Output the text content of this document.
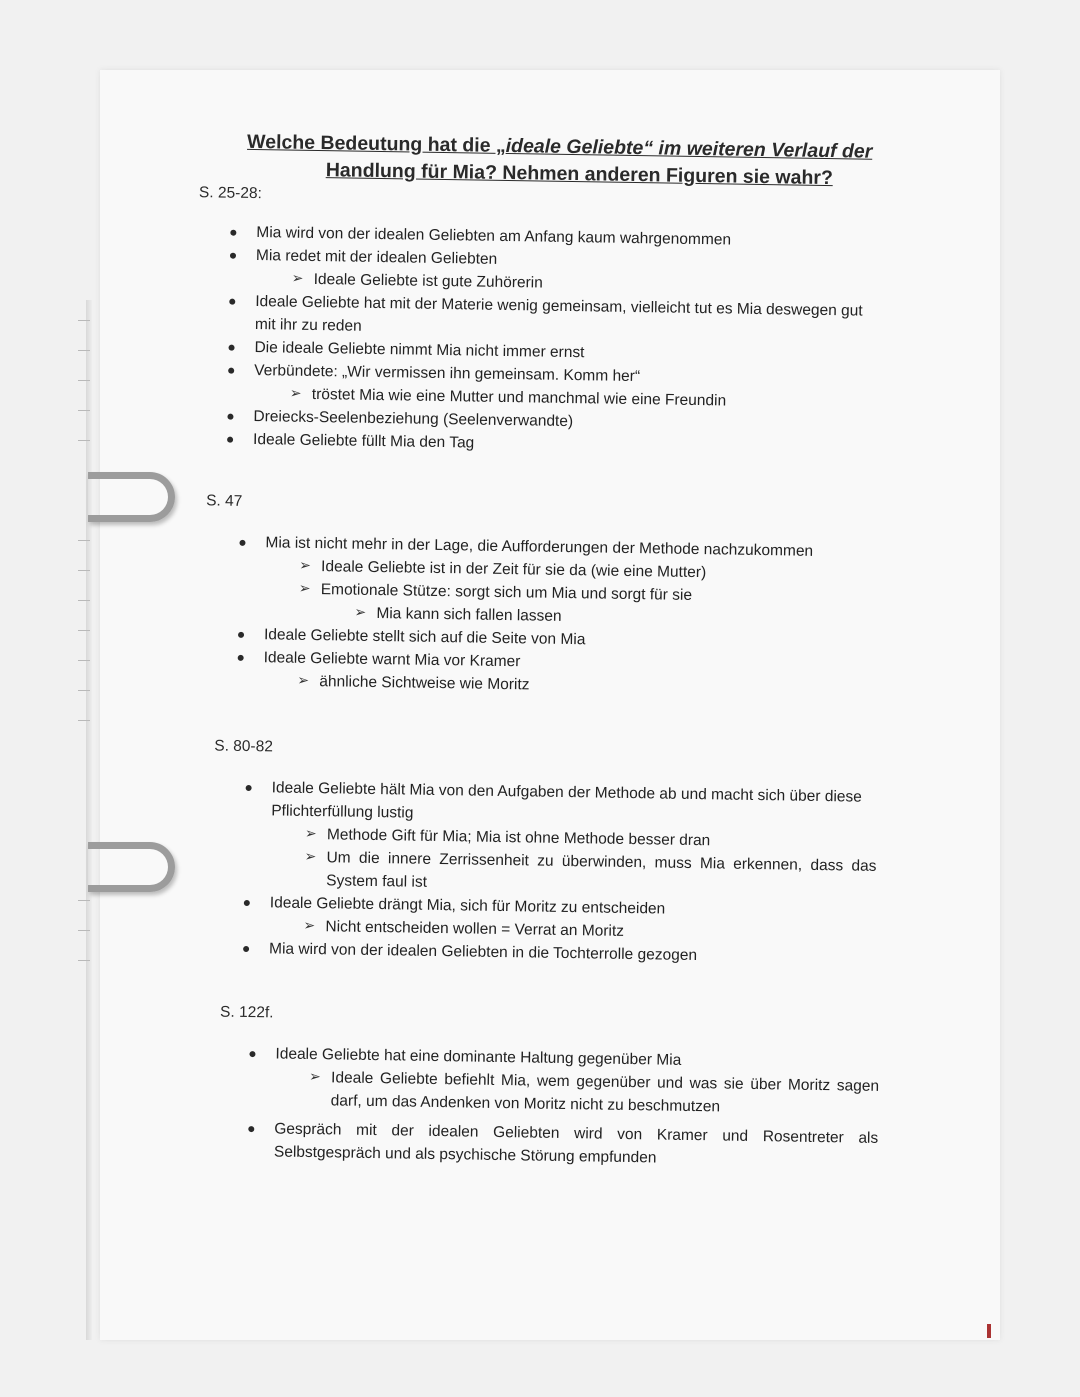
Welche Bedeutung hat die „ideale Geliebte“ im weiteren Verlauf der
Handlung für Mia? Nehmen anderen Figuren sie wahr?

S. 25-28:

Mia wird von der idealen Geliebten am Anfang kaum wahrgenommen
Mia redet mit der idealen Geliebten
➢ Ideale Geliebte ist gute Zuhörerin
Ideale Geliebte hat mit der Materie wenig gemeinsam, vielleicht tut es Mia deswegen gut mit ihr zu reden
Die ideale Geliebte nimmt Mia nicht immer ernst
Verbündete: „Wir vermissen ihn gemeinsam. Komm her“
➢ tröstet Mia wie eine Mutter und manchmal wie eine Freundin
Dreiecks-Seelenbeziehung (Seelenverwandte)
Ideale Geliebte füllt Mia den Tag

S. 47

Mia ist nicht mehr in der Lage, die Aufforderungen der Methode nachzukommen
➢ Ideale Geliebte ist in der Zeit für sie da (wie eine Mutter)
➢ Emotionale Stütze: sorgt sich um Mia und sorgt für sie
➢ Mia kann sich fallen lassen
Ideale Geliebte stellt sich auf die Seite von Mia
Ideale Geliebte warnt Mia vor Kramer
➢ ähnliche Sichtweise wie Moritz

S. 80-82

Ideale Geliebte hält Mia von den Aufgaben der Methode ab und macht sich über diese Pflichterfüllung lustig
➢ Methode Gift für Mia; Mia ist ohne Methode besser dran
➢ Um die innere Zerrissenheit zu überwinden, muss Mia erkennen, dass das System faul ist
Ideale Geliebte drängt Mia, sich für Moritz zu entscheiden
➢ Nicht entscheiden wollen = Verrat an Moritz
Mia wird von der idealen Geliebten in die Tochterrolle gezogen

S. 122f.

Ideale Geliebte hat eine dominante Haltung gegenüber Mia
➢ Ideale Geliebte befiehlt Mia, wem gegenüber und was sie über Moritz sagen darf, um das Andenken von Moritz nicht zu beschmutzen
Gespräch mit der idealen Geliebten wird von Kramer und Rosentreter als Selbstgespräch und als psychische Störung empfunden
